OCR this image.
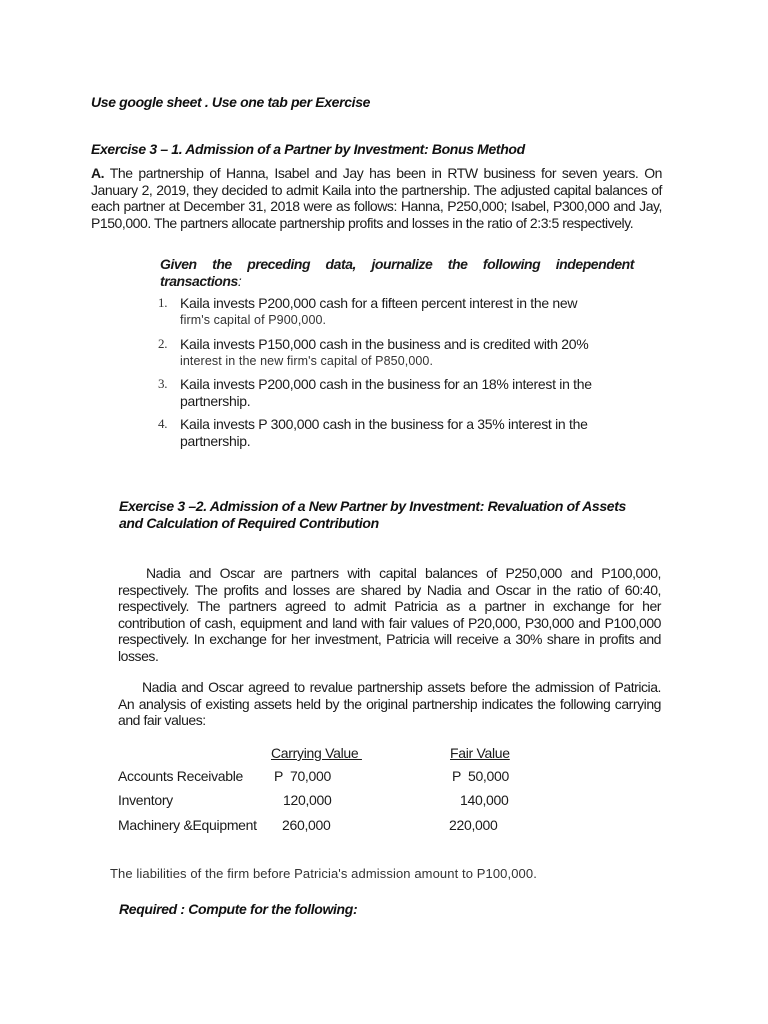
Use google sheet . Use one tab per Exercise
Exercise 3 – 1. Admission of a Partner by Investment: Bonus Method
A. The partnership of Hanna, Isabel and Jay has been in RTW business for seven years. On January 2, 2019, they decided to admit Kaila into the partnership. The adjusted capital balances of each partner at December 31, 2018 were as follows: Hanna, P250,000; Isabel, P300,000 and Jay, P150,000. The partners allocate partnership profits and losses in the ratio of 2:3:5 respectively.
Given the preceding data, journalize the following independent transactions:
1. Kaila invests P200,000 cash for a fifteen percent interest in the new
firm's capital of P900,000.
2. Kaila invests P150,000 cash in the business and is credited with 20%
interest in the new firm's capital of P850,000.
3. Kaila invests P200,000 cash in the business for an 18% interest in the
partnership.
4. Kaila invests P 300,000 cash in the business for a 35% interest in the
partnership.
Exercise 3 –2. Admission of a New Partner by Investment: Revaluation of Assets
and Calculation of Required Contribution
Nadia and Oscar are partners with capital balances of P250,000 and P100,000, respectively. The profits and losses are shared by Nadia and Oscar in the ratio of 60:40, respectively. The partners agreed to admit Patricia as a partner in exchange for her contribution of cash, equipment and land with fair values of P20,000, P30,000 and P100,000 respectively. In exchange for her investment, Patricia will receive a 30% share in profits and losses.
Nadia and Oscar agreed to revalue partnership assets before the admission of Patricia. An analysis of existing assets held by the original partnership indicates the following carrying and fair values:
Carrying Value	Fair Value
Accounts Receivable P  70,000	P  50,000
Inventory	120,000	140,000
Machinery &Equipment 260,000	220,000
The liabilities of the firm before Patricia's admission amount to P100,000.
Required : Compute for the following:
